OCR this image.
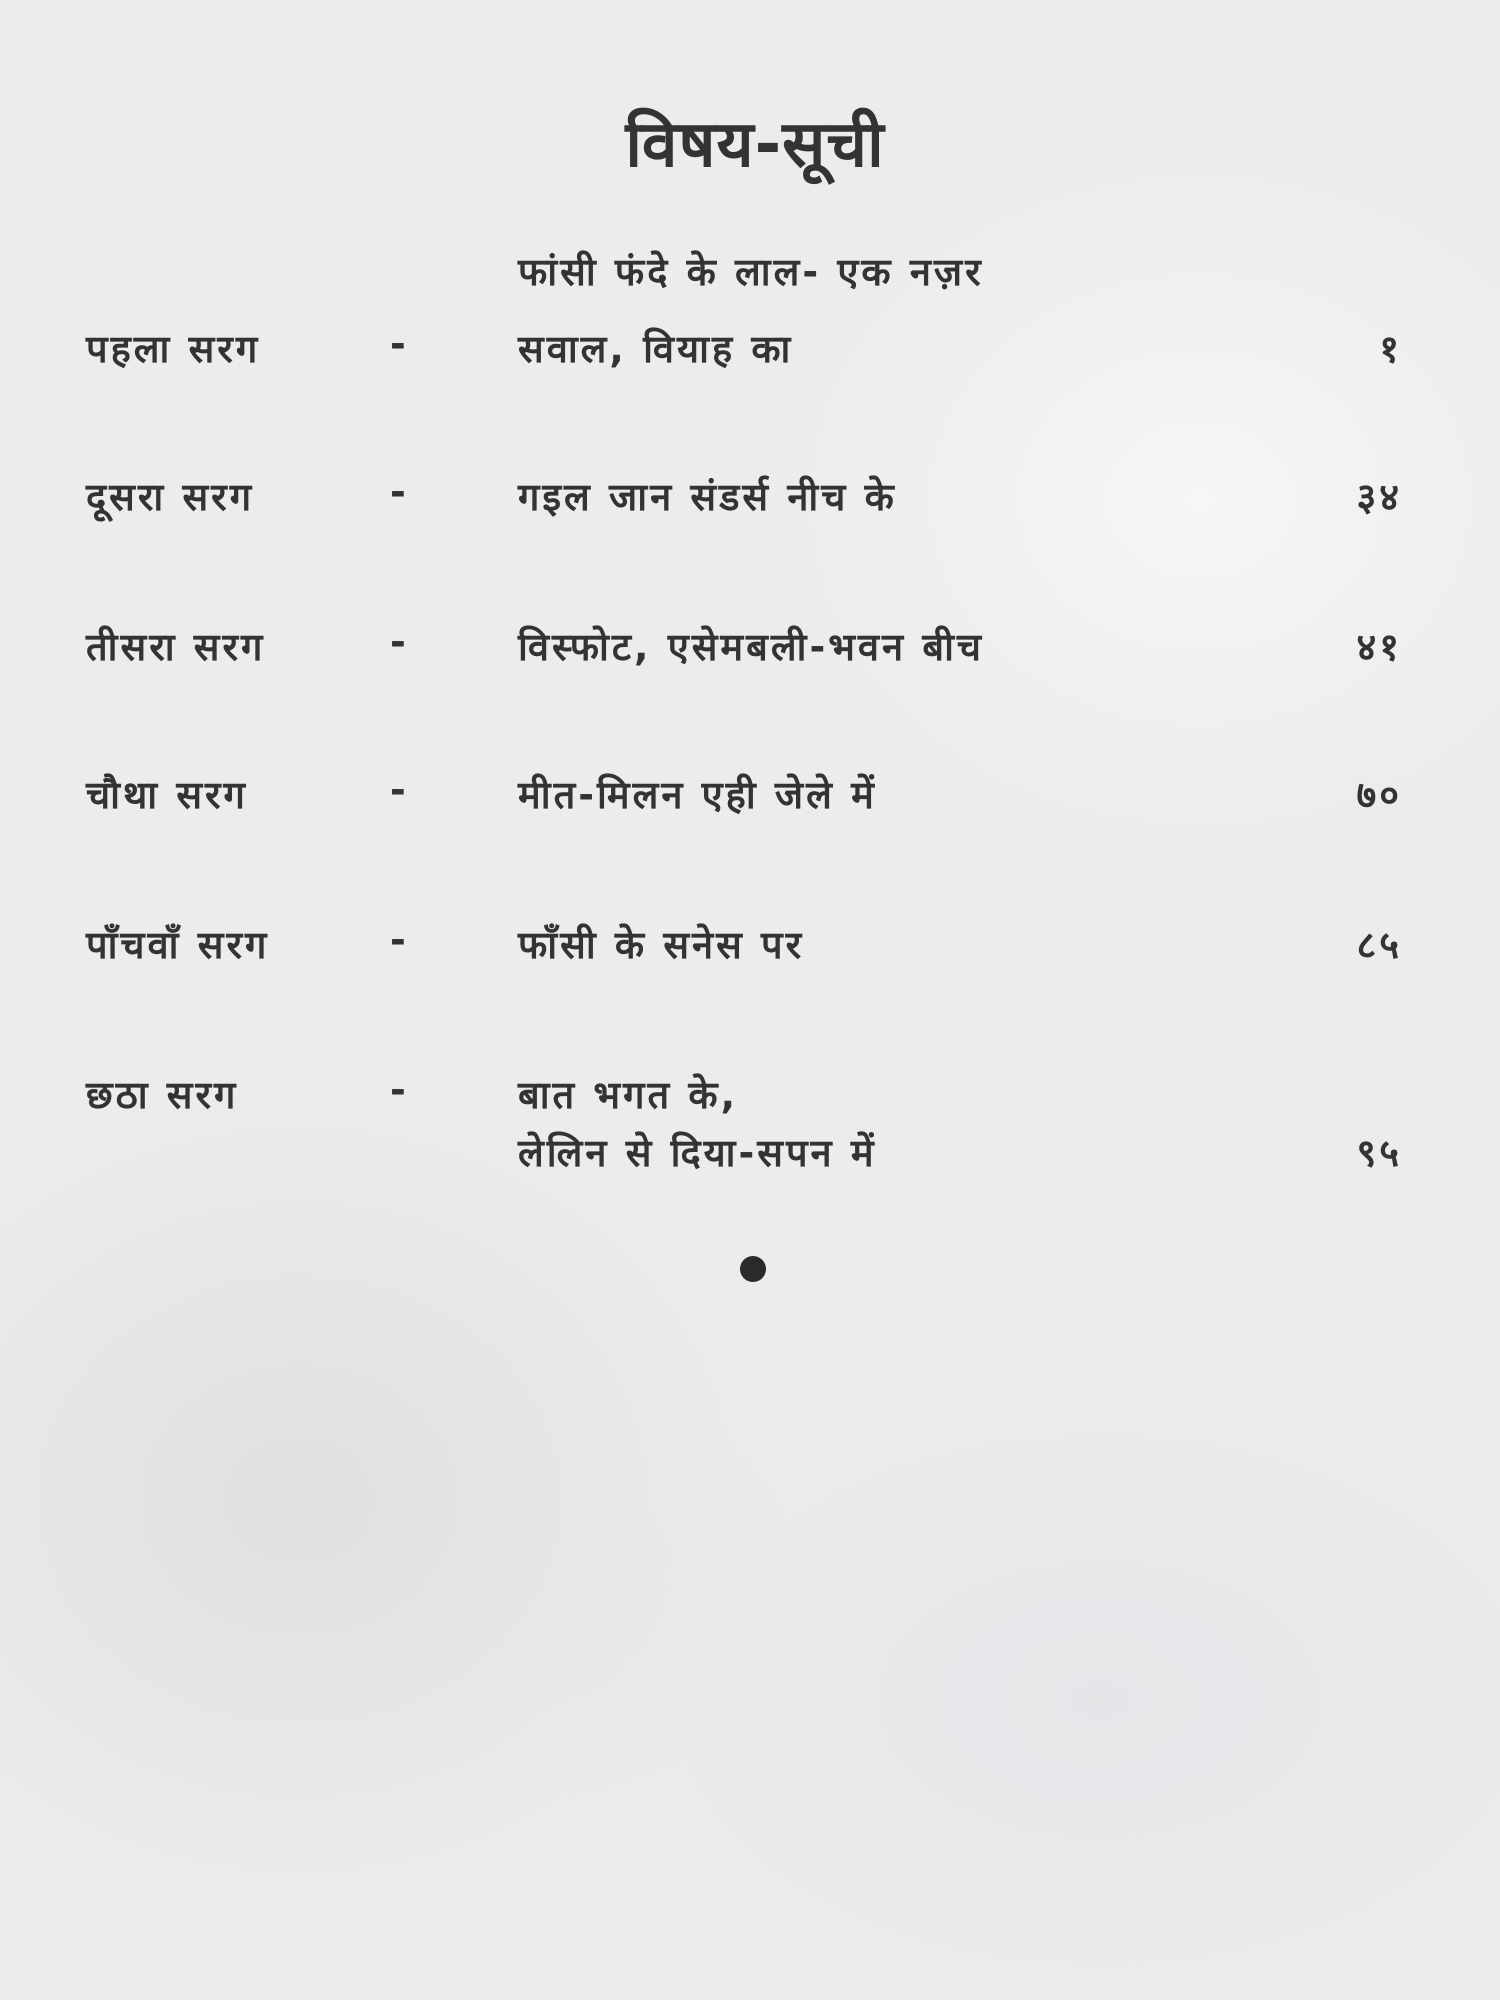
विषय-सूची
फांसी फंदे के लाल- एक नज़र
पहला सरग	-	सवाल, वियाह का	१
दूसरा सरग	-	गइल जान संडर्स नीच के	३४
तीसरा सरग	-	विस्फोट, एसेमबली-भवन बीच	४१
चौथा सरग	-	मीत-मिलन एही जेले में	७०
पाँचवाँ सरग	-	फाँसी के सनेस पर	८५
छठा सरग	-	बात भगत के,
लेलिन से दिया-सपन में	९५
